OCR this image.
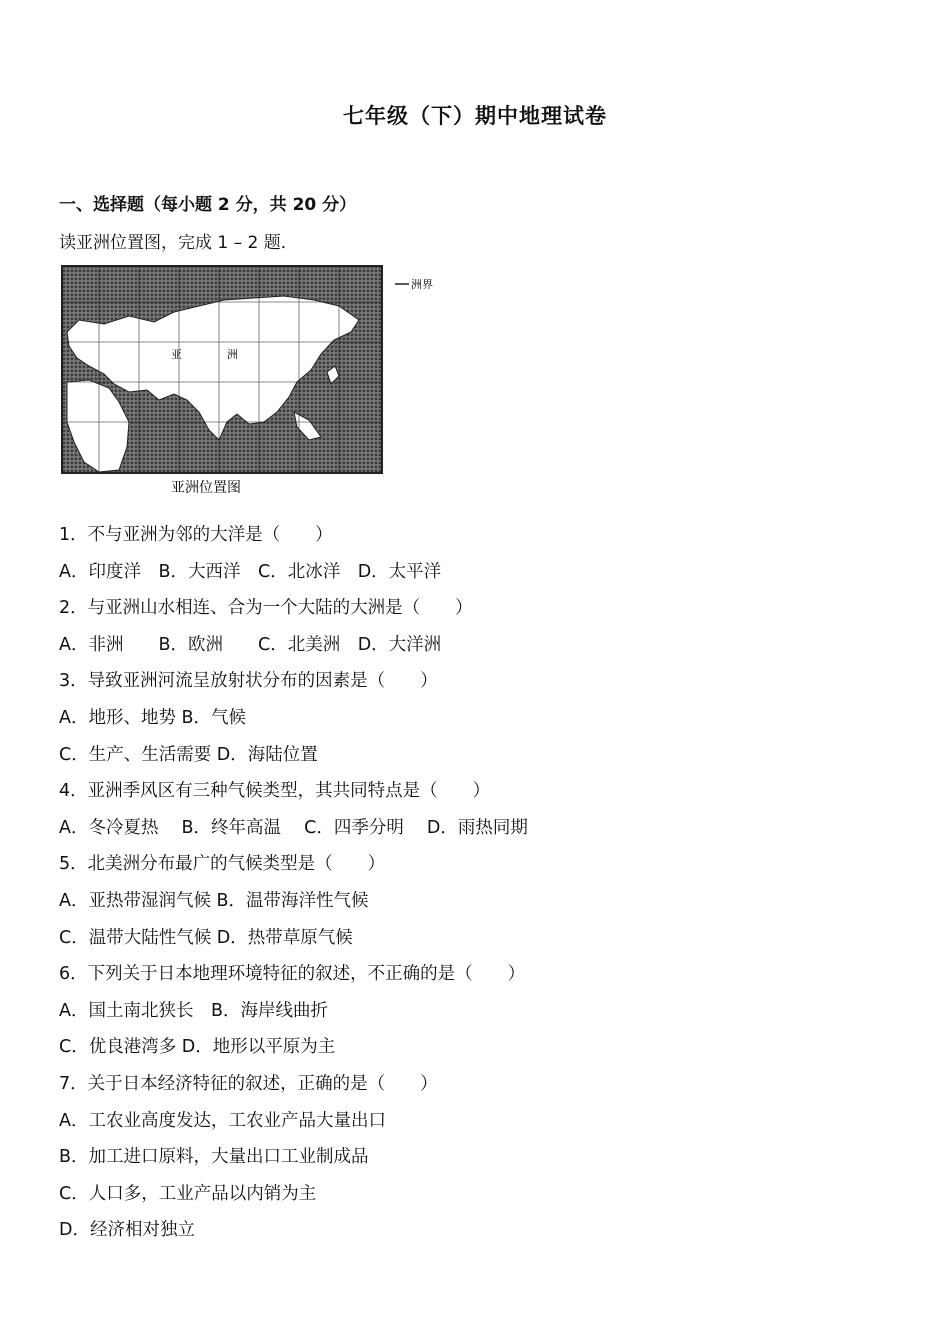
七年级（下）期中地理试卷
一、选择题（每小题 2 分，共 20 分）
读亚洲位置图，完成 1 – 2 题．
亚	洲
洲界
亚洲位置图
1．不与亚洲为邻的大洋是（　　）
A．印度洋　B．大西洋　C．北冰洋　D．太平洋
2．与亚洲山水相连、合为一个大陆的大洲是（　　）
A．非洲　　B．欧洲　　C．北美洲　D．大洋洲
3．导致亚洲河流呈放射状分布的因素是（　　）
A．地形、地势 B．气候
C．生产、生活需要 D．海陆位置
4．亚洲季风区有三种气候类型，其共同特点是（　　）
A．冬冷夏热　 B．终年高温　 C．四季分明　 D．雨热同期
5．北美洲分布最广的气候类型是（　　）
A．亚热带湿润气候 B．温带海洋性气候
C．温带大陆性气候 D．热带草原气候
6．下列关于日本地理环境特征的叙述，不正确的是（　　）
A．国土南北狭长　B．海岸线曲折
C．优良港湾多 D．地形以平原为主
7．关于日本经济特征的叙述，正确的是（　　）
A．工农业高度发达，工农业产品大量出口
B．加工进口原料，大量出口工业制成品
C．人口多，工业产品以内销为主
D．经济相对独立
